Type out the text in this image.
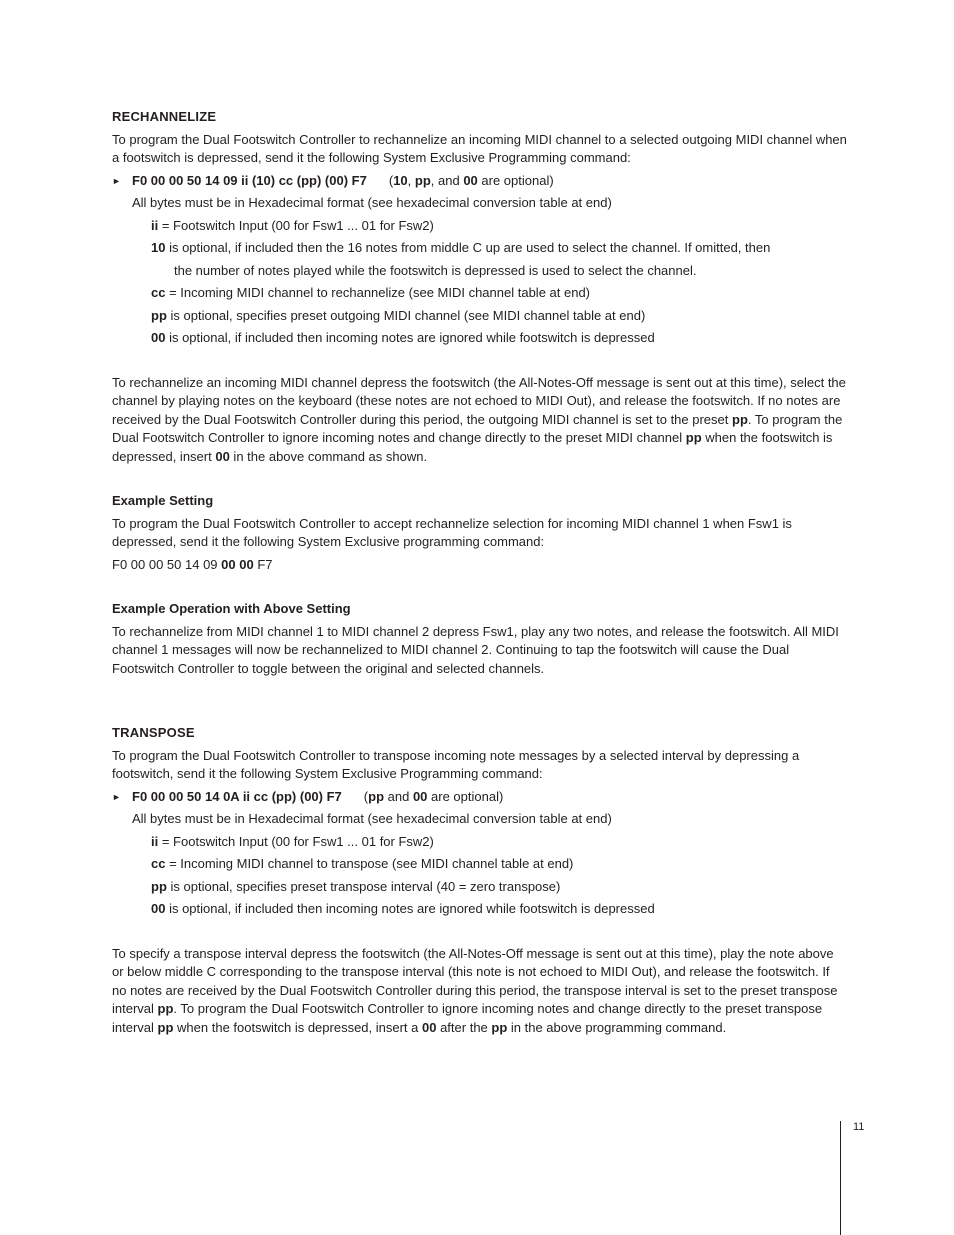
RECHANNELIZE

To program the Dual Footswitch Controller to rechannelize an incoming MIDI channel to a selected outgoing MIDI channel when a footswitch is depressed, send it the following System Exclusive Programming command:

► F0 00 00 50 14 09 ii (10) cc (pp) (00) F7 (10, pp, and 00 are optional)
All bytes must be in Hexadecimal format (see hexadecimal conversion table at end)
ii = Footswitch Input (00 for Fsw1 ... 01 for Fsw2)
10 is optional, if included then the 16 notes from middle C up are used to select the channel. If omitted, then
the number of notes played while the footswitch is depressed is used to select the channel.
cc = Incoming MIDI channel to rechannelize (see MIDI channel table at end)
pp is optional, specifies preset outgoing MIDI channel (see MIDI channel table at end)
00 is optional, if included then incoming notes are ignored while footswitch is depressed

To rechannelize an incoming MIDI channel depress the footswitch (the All-Notes-Off message is sent out at this time), select the channel by playing notes on the keyboard (these notes are not echoed to MIDI Out), and release the footswitch. If no notes are received by the Dual Footswitch Controller during this period, the outgoing MIDI channel is set to the preset pp. To program the Dual Footswitch Controller to ignore incoming notes and change directly to the preset MIDI channel pp when the footswitch is depressed, insert 00 in the above command as shown.

Example Setting

To program the Dual Footswitch Controller to accept rechannelize selection for incoming MIDI channel 1 when Fsw1 is depressed, send it the following System Exclusive programming command:

F0 00 00 50 14 09 00 00 F7

Example Operation with Above Setting

To rechannelize from MIDI channel 1 to MIDI channel 2 depress Fsw1, play any two notes, and release the footswitch. All MIDI channel 1 messages will now be rechannelized to MIDI channel 2. Continuing to tap the footswitch will cause the Dual Footswitch Controller to toggle between the original and selected channels.

TRANSPOSE

To program the Dual Footswitch Controller to transpose incoming note messages by a selected interval by depressing a footswitch, send it the following System Exclusive Programming command:

► F0 00 00 50 14 0A ii cc (pp) (00) F7 (pp and 00 are optional)
All bytes must be in Hexadecimal format (see hexadecimal conversion table at end)
ii = Footswitch Input (00 for Fsw1 ... 01 for Fsw2)
cc = Incoming MIDI channel to transpose (see MIDI channel table at end)
pp is optional, specifies preset transpose interval (40 = zero transpose)
00 is optional, if included then incoming notes are ignored while footswitch is depressed

To specify a transpose interval depress the footswitch (the All-Notes-Off message is sent out at this time), play the note above or below middle C corresponding to the transpose interval (this note is not echoed to MIDI Out), and release the footswitch. If no notes are received by the Dual Footswitch Controller during this period, the transpose interval is set to the preset transpose interval pp. To program the Dual Footswitch Controller to ignore incoming notes and change directly to the preset transpose interval pp when the footswitch is depressed, insert a 00 after the pp in the above programming command.

11
